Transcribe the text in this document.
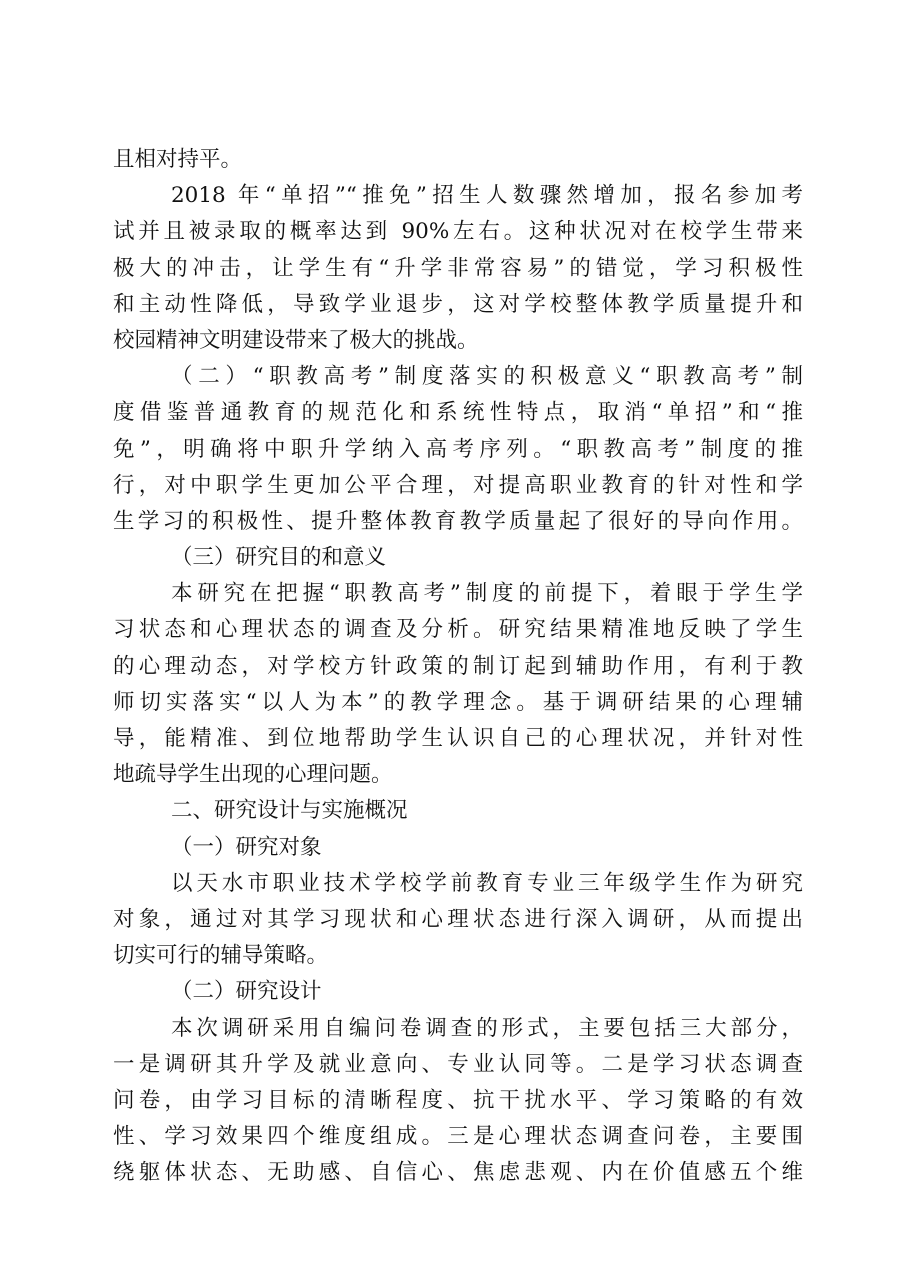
且相对持平。
2018 年“单招”“推免”招生人数骤然增加，报名参加考
试并且被录取的概率达到 90%左右。这种状况对在校学生带来
极大的冲击，让学生有“升学非常容易”的错觉，学习积极性
和主动性降低，导致学业退步，这对学校整体教学质量提升和
校园精神文明建设带来了极大的挑战。
（二）“职教高考”制度落实的积极意义“职教高考”制
度借鉴普通教育的规范化和系统性特点，取消“单招”和“推
免”，明确将中职升学纳入高考序列。“职教高考”制度的推
行，对中职学生更加公平合理，对提高职业教育的针对性和学
生学习的积极性、提升整体教育教学质量起了很好的导向作用。
（三）研究目的和意义
本研究在把握“职教高考”制度的前提下，着眼于学生学
习状态和心理状态的调查及分析。研究结果精准地反映了学生
的心理动态，对学校方针政策的制订起到辅助作用，有利于教
师切实落实“以人为本”的教学理念。基于调研结果的心理辅
导，能精准、到位地帮助学生认识自己的心理状况，并针对性
地疏导学生出现的心理问题。
二、研究设计与实施概况
（一）研究对象
以天水市职业技术学校学前教育专业三年级学生作为研究
对象，通过对其学习现状和心理状态进行深入调研，从而提出
切实可行的辅导策略。
（二）研究设计
本次调研采用自编问卷调查的形式，主要包括三大部分，
一是调研其升学及就业意向、专业认同等。二是学习状态调查
问卷，由学习目标的清晰程度、抗干扰水平、学习策略的有效
性、学习效果四个维度组成。三是心理状态调查问卷，主要围
绕躯体状态、无助感、自信心、焦虑悲观、内在价值感五个维
